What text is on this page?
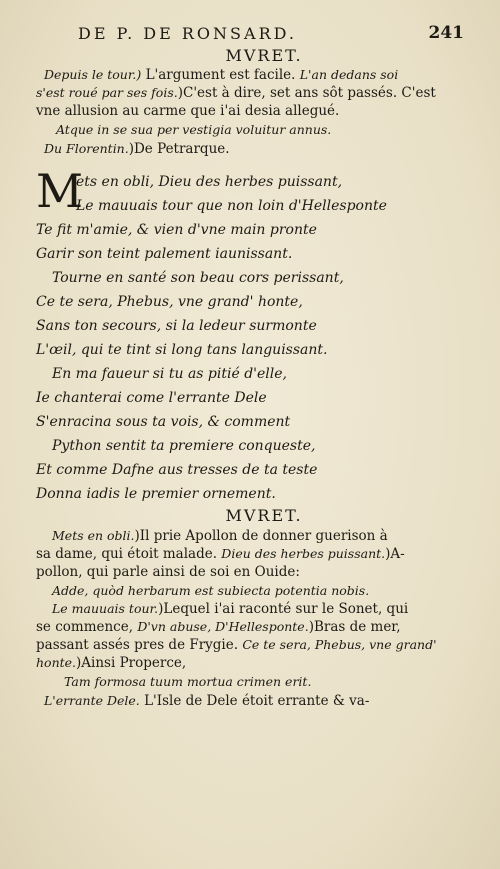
DE P. DE RONSARD.	241
MVRET.
Depuis le tour.) L'argument est facile. L'an dedans soi
s'est roué par ses fois.)C'est à dire, set ans sôt passés. C'est
vne allusion au carme que i'ai desia allegué.
Atque in se sua per vestigia voluitur annus.
Du Florentin.)De Petrarque.
M
ets en obli, Dieu des herbes puissant,
Le mauuais tour que non loin d'Hellesponte
Te fit m'amie, & vien d'vne main pronte
Garir son teint palement iaunissant.
Tourne en santé son beau cors perissant,
Ce te sera, Phebus, vne grand' honte,
Sans ton secours, si la ledeur surmonte
L'œil, qui te tint si long tans languissant.
En ma faueur si tu as pitié d'elle,
Ie chanterai come l'errante Dele
S'enracina sous ta vois, & comment
Python sentit ta premiere conqueste,
Et comme Dafne aus tresses de ta teste
Donna iadis le premier ornement.
MVRET.
Mets en obli.)Il prie Apollon de donner guerison à
sa dame, qui étoit malade. Dieu des herbes puissant.)A-
pollon, qui parle ainsi de soi en Ouide:
Adde, quòd herbarum est subiecta potentia nobis.
Le mauuais tour.)Lequel i'ai raconté sur le Sonet, qui
se commence, D'vn abuse, D'Hellesponte.)Bras de mer,
passant assés pres de Frygie. Ce te sera, Phebus, vne grand'
honte.)Ainsi Properce,
Tam formosa tuum mortua crimen erit.
L'errante Dele. L'Isle de Dele étoit errante & va-
